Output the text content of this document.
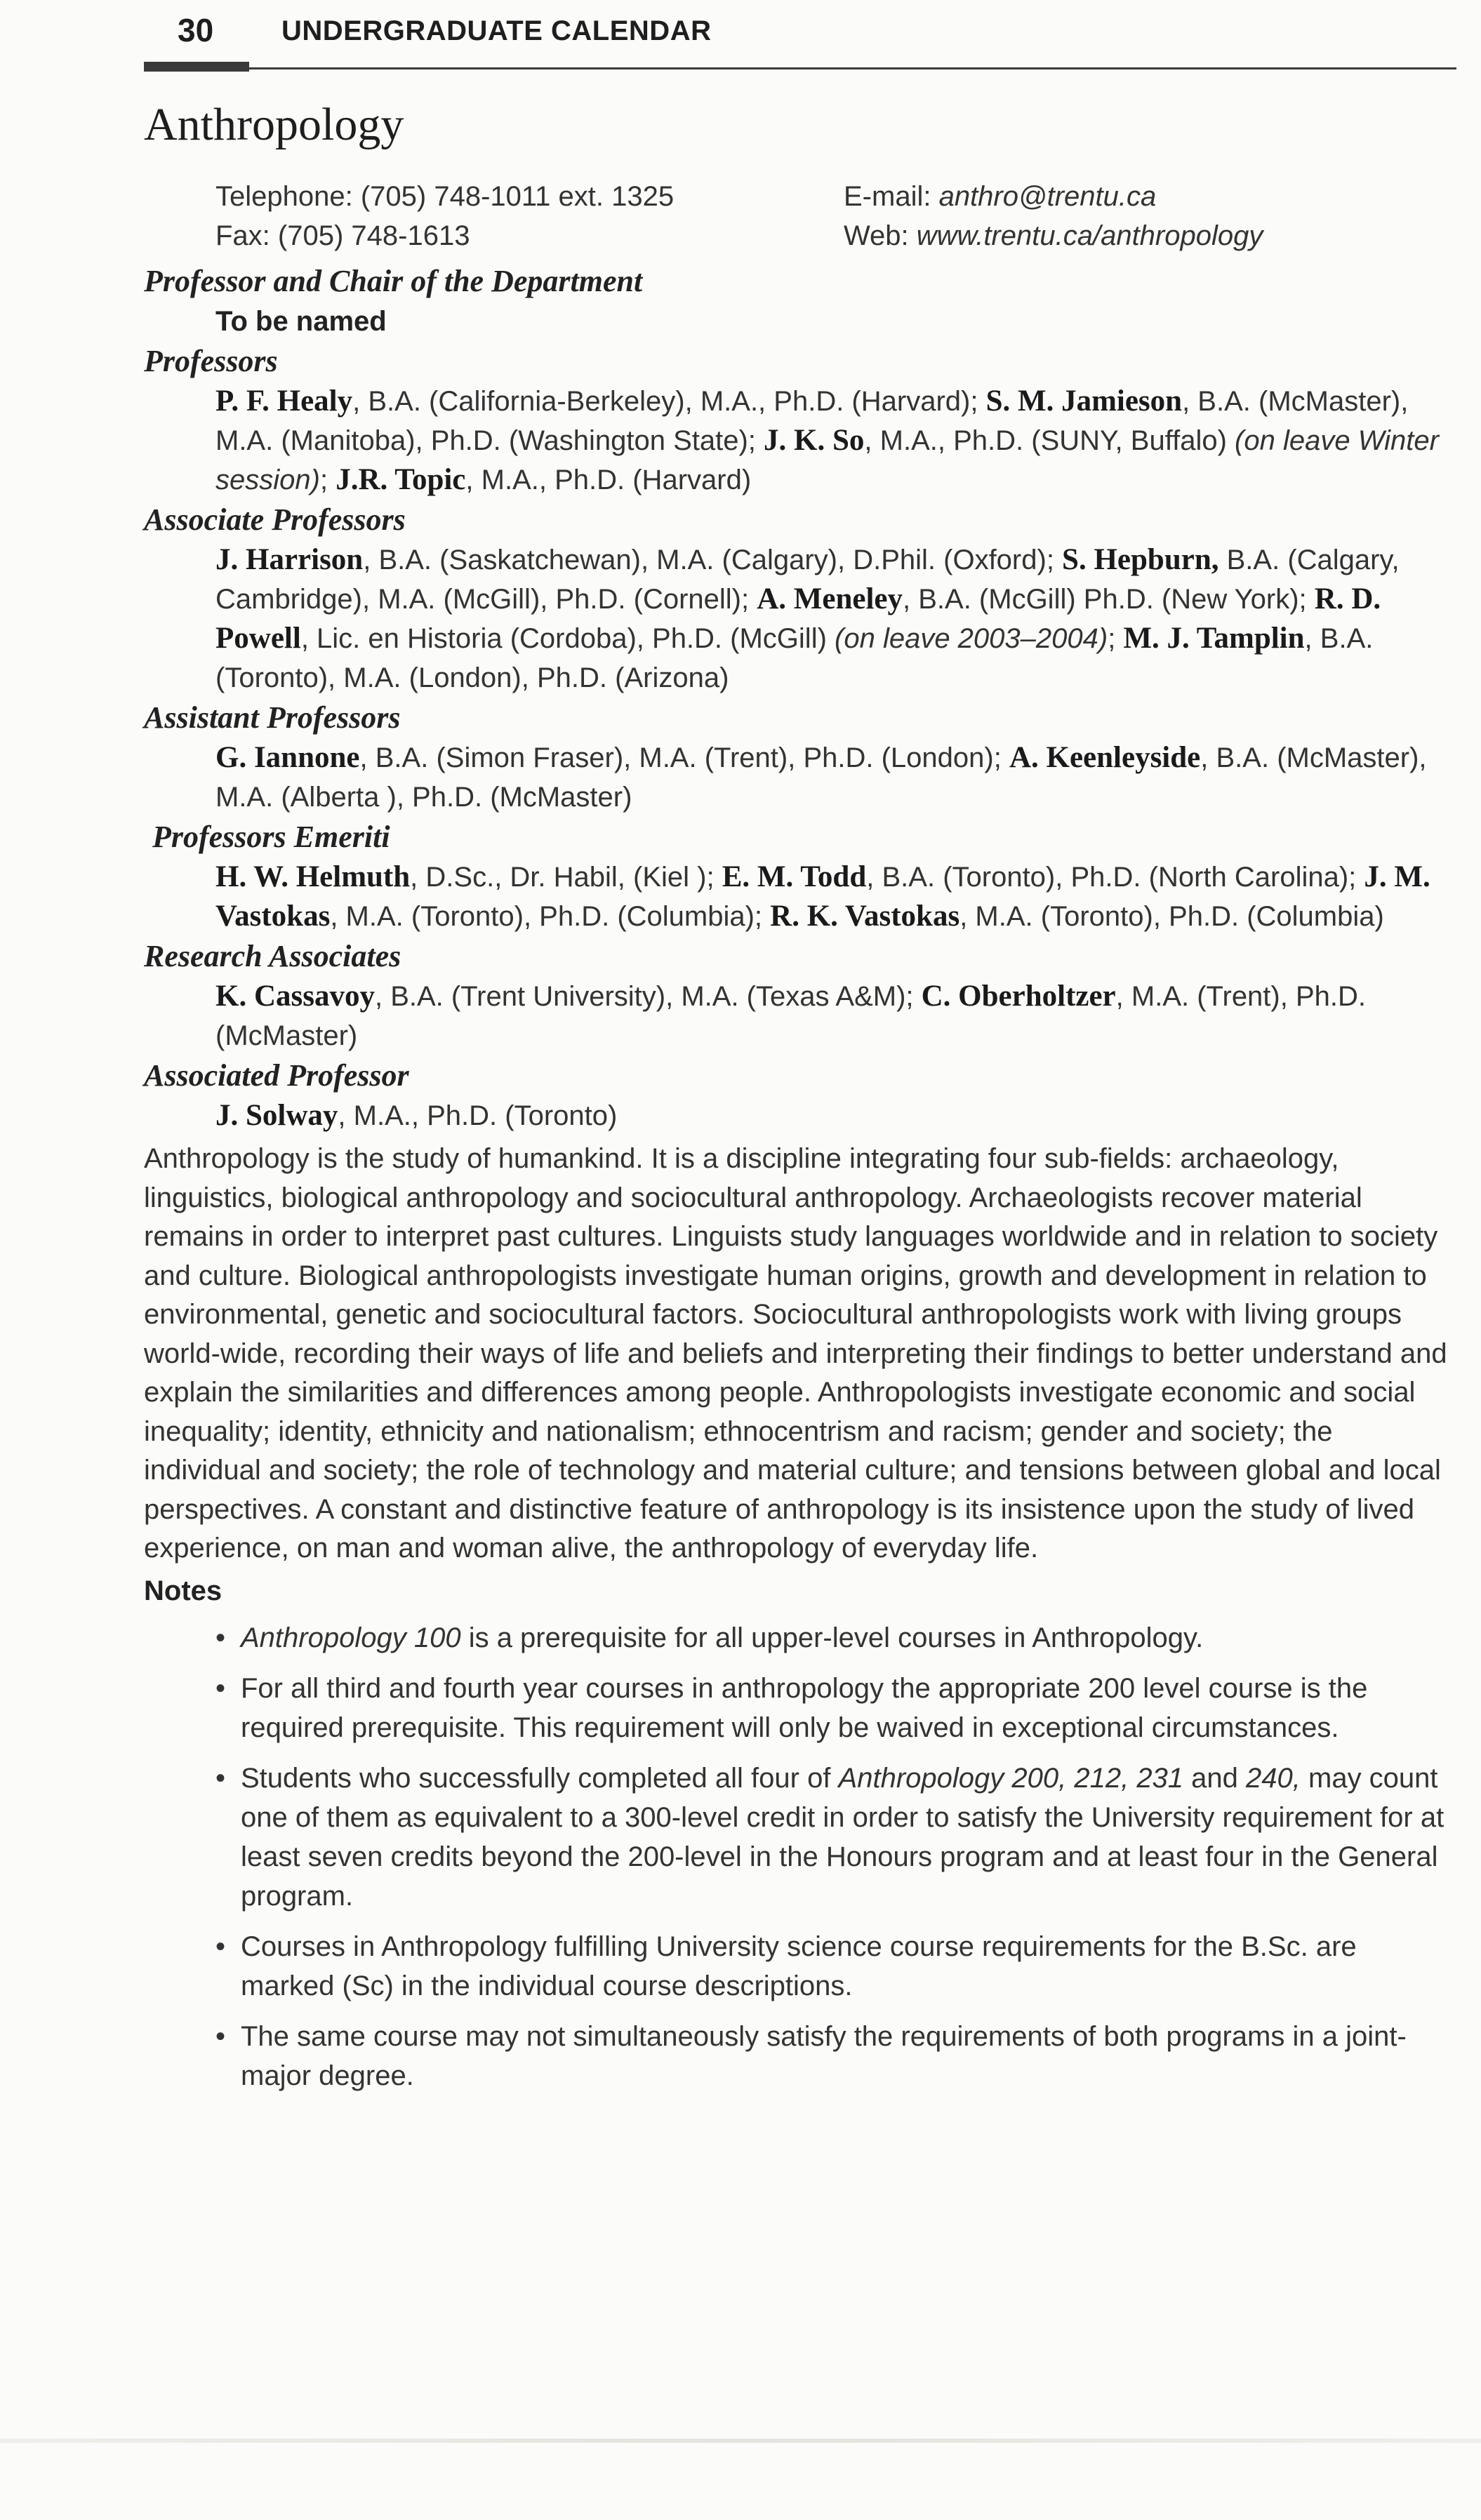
30 UNDERGRADUATE CALENDAR
Anthropology
Telephone: (705) 748-1011 ext. 1325
Fax: (705) 748-1613
E-mail: anthro@trentu.ca
Web: www.trentu.ca/anthropology

Professor and Chair of the Department

To be named

Professors

P. F. Healy, B.A. (California-Berkeley), M.A., Ph.D. (Harvard); S. M. Jamieson, B.A. (McMaster), M.A. (Manitoba), Ph.D. (Washington State); J. K. So, M.A., Ph.D. (SUNY, Buffalo) (on leave Winter session); J.R. Topic, M.A., Ph.D. (Harvard)

Associate Professors

J. Harrison, B.A. (Saskatchewan), M.A. (Calgary), D.Phil. (Oxford); S. Hepburn, B.A. (Calgary, Cambridge), M.A. (McGill), Ph.D. (Cornell); A. Meneley, B.A. (McGill) Ph.D. (New York); R. D. Powell, Lic. en Historia (Cordoba), Ph.D. (McGill) (on leave 2003–2004); M. J. Tamplin, B.A. (Toronto), M.A. (London), Ph.D. (Arizona)

Assistant Professors

G. Iannone, B.A. (Simon Fraser), M.A. (Trent), Ph.D. (London); A. Keenleyside, B.A. (McMaster), M.A. (Alberta ), Ph.D. (McMaster)

Professors Emeriti

H. W. Helmuth, D.Sc., Dr. Habil, (Kiel ); E. M. Todd, B.A. (Toronto), Ph.D. (North Carolina); J. M. Vastokas, M.A. (Toronto), Ph.D. (Columbia); R. K. Vastokas, M.A. (Toronto), Ph.D. (Columbia)

Research Associates

K. Cassavoy, B.A. (Trent University), M.A. (Texas A&M); C. Oberholtzer, M.A. (Trent), Ph.D. (McMaster)

Associated Professor

J. Solway, M.A., Ph.D. (Toronto)

Anthropology is the study of humankind. It is a discipline integrating four sub-fields: archaeology, linguistics, biological anthropology and sociocultural anthropology. Archaeologists recover material remains in order to interpret past cultures. Linguists study languages worldwide and in relation to society and culture. Biological anthropologists investigate human origins, growth and development in relation to environmental, genetic and sociocultural factors. Sociocultural anthropologists work with living groups world-wide, recording their ways of life and beliefs and interpreting their findings to better understand and explain the similarities and differences among people. Anthropologists investigate economic and social inequality; identity, ethnicity and nationalism; ethnocentrism and racism; gender and society; the individual and society; the role of technology and material culture; and tensions between global and local perspectives. A constant and distinctive feature of anthropology is its insistence upon the study of lived experience, on man and woman alive, the anthropology of everyday life.

Notes
• Anthropology 100 is a prerequisite for all upper-level courses in Anthropology.
• For all third and fourth year courses in anthropology the appropriate 200 level course is the required prerequisite. This requirement will only be waived in exceptional circumstances.
• Students who successfully completed all four of Anthropology 200, 212, 231 and 240, may count one of them as equivalent to a 300-level credit in order to satisfy the University requirement for at least seven credits beyond the 200-level in the Honours program and at least four in the General program.
• Courses in Anthropology fulfilling University science course requirements for the B.Sc. are marked (Sc) in the individual course descriptions.
• The same course may not simultaneously satisfy the requirements of both programs in a joint-major degree.
